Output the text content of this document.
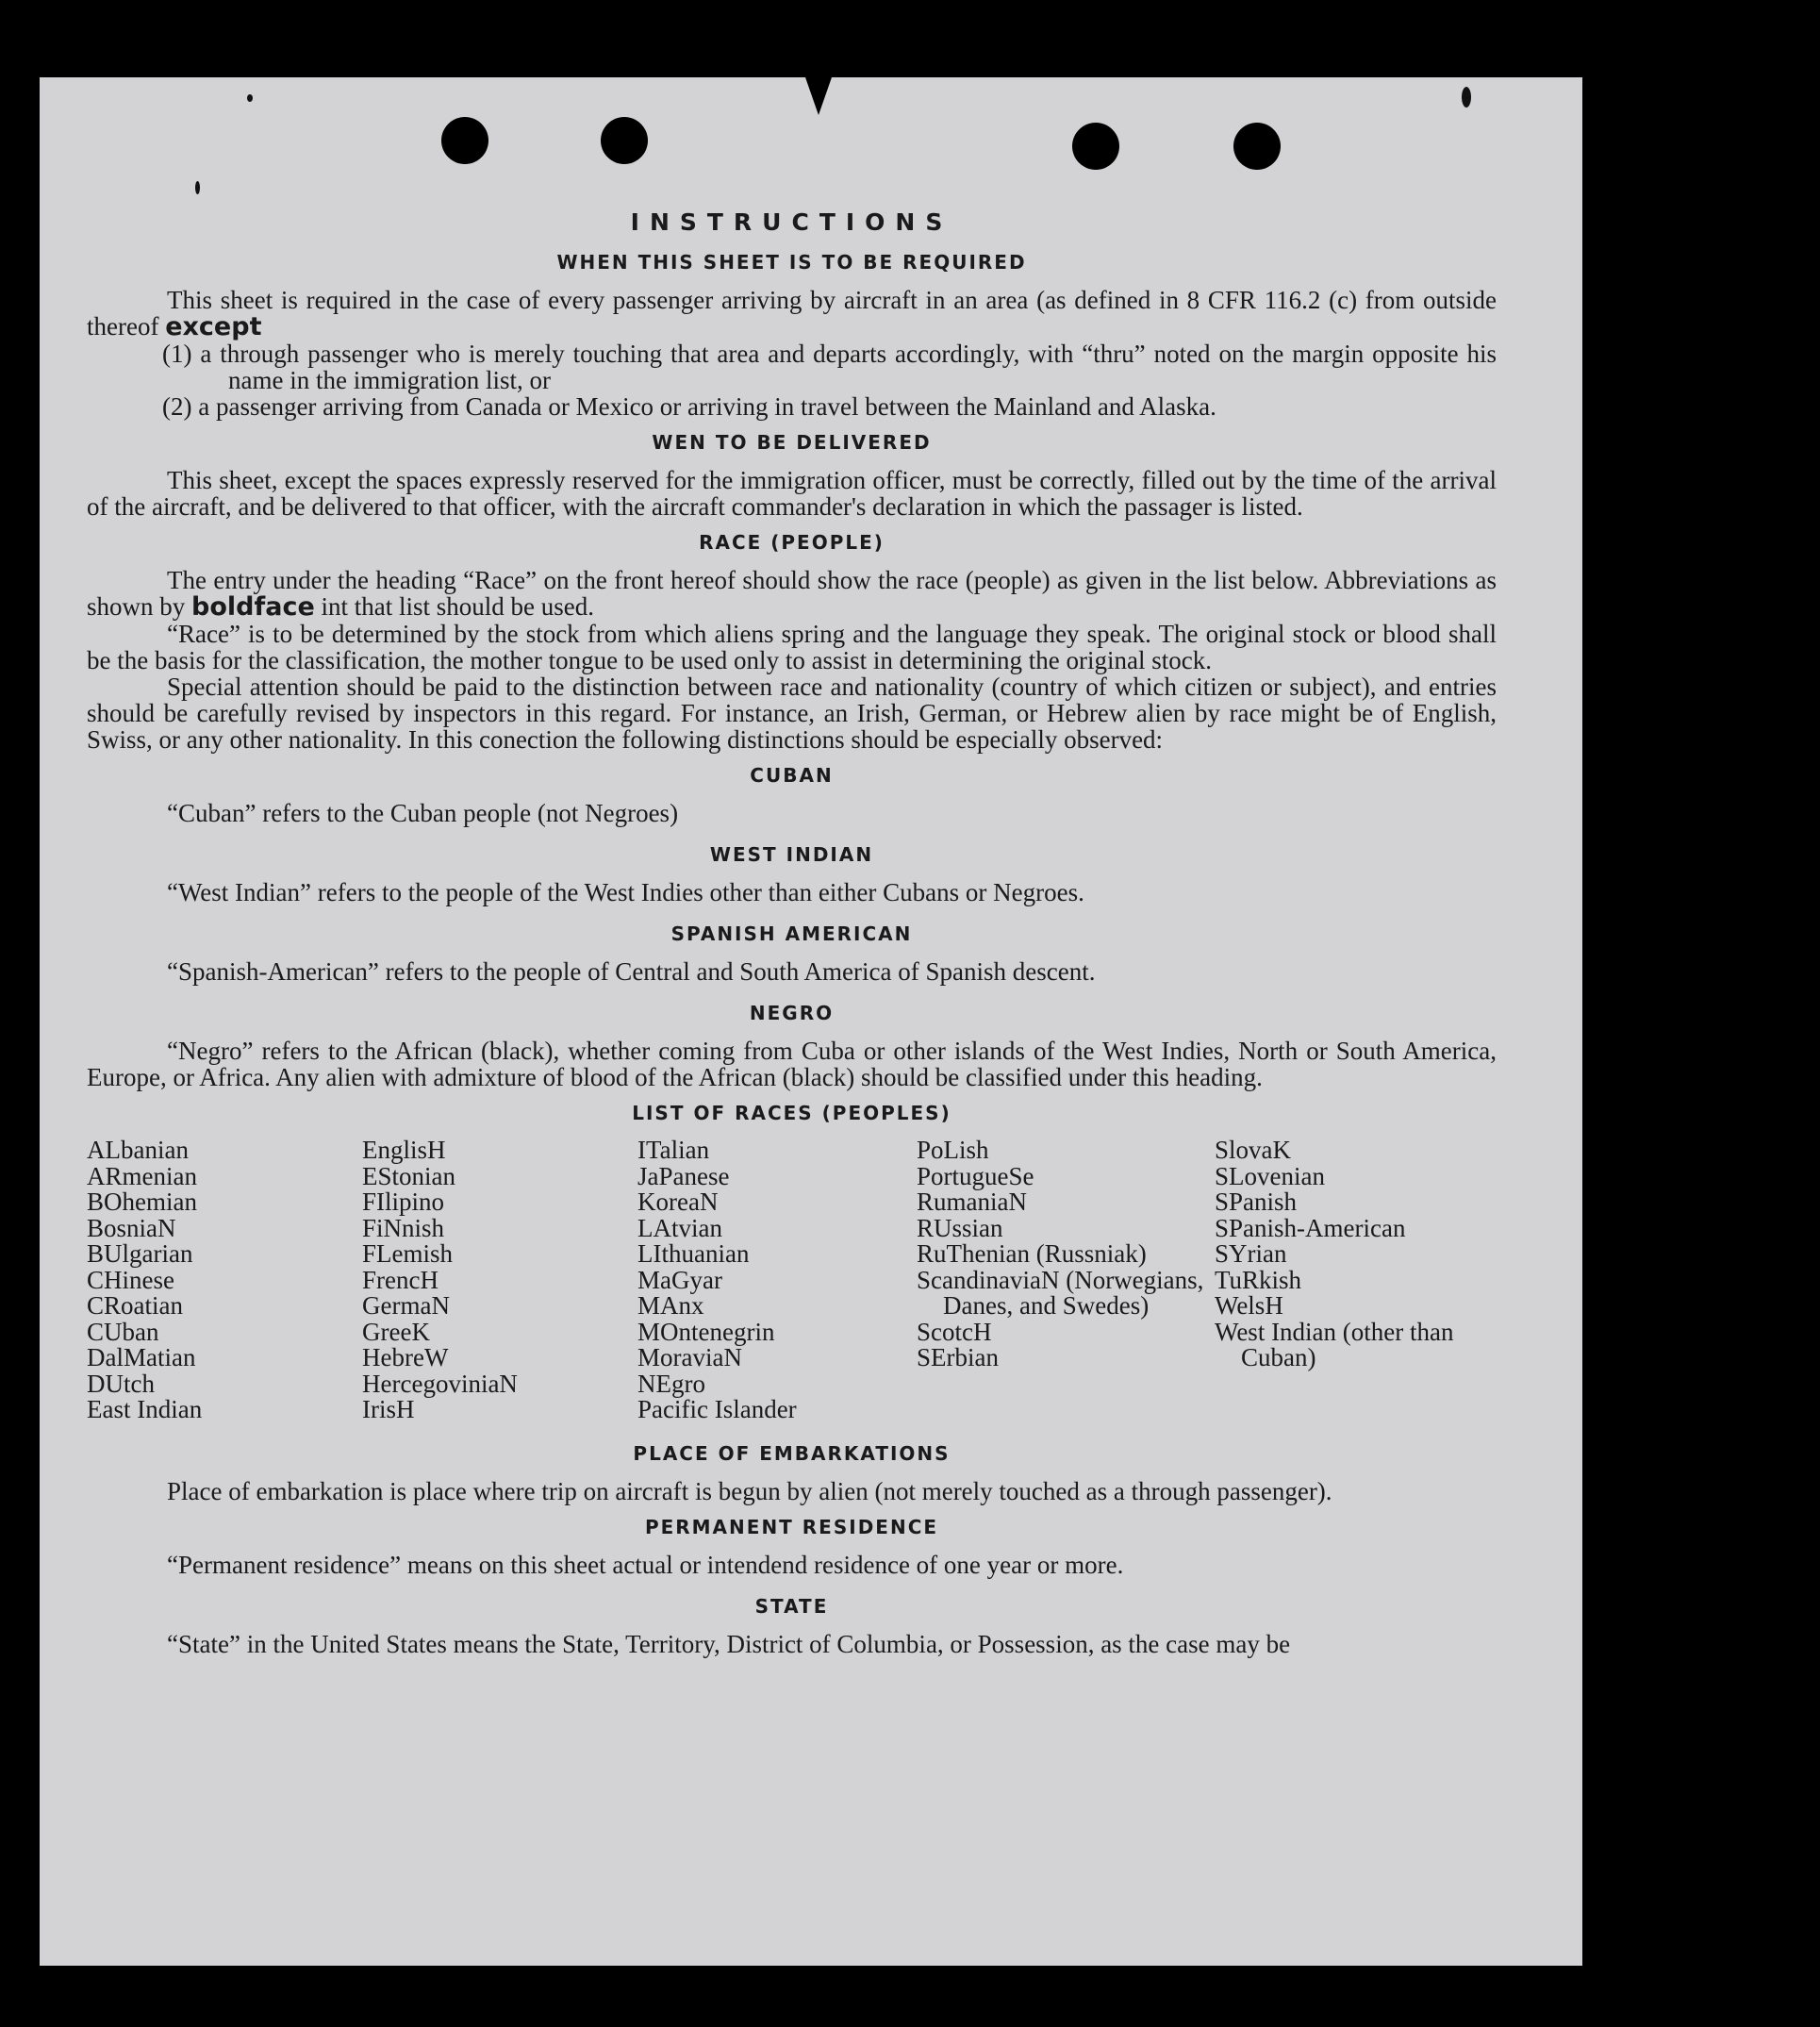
INSTRUCTIONS
WHEN THIS SHEET IS TO BE REQUIRED

This sheet is required in the case of every passenger arriving by aircraft in an area (as defined in 8 CFR 116.2 (c) from outside thereof except

(1) a through passenger who is merely touching that area and departs accordingly, with “thru” noted on the margin opposite his name in the immigration list, or

(2) a passenger arriving from Canada or Mexico or arriving in travel between the Mainland and Alaska.

WEN TO BE DELIVERED

This sheet, except the spaces expressly reserved for the immigration officer, must be correctly, filled out by the time of the arrival of the aircraft, and be delivered to that officer, with the aircraft commander's declaration in which the passager is listed.

RACE (PEOPLE)

The entry under the heading “Race” on the front hereof should show the race (people) as given in the list below. Abbreviations as shown by boldface int that list should be used.

“Race” is to be determined by the stock from which aliens spring and the language they speak. The original stock or blood shall be the basis for the classification, the mother tongue to be used only to assist in determining the original stock.

Special attention should be paid to the distinction between race and nationality (country of which citizen or subject), and entries should be carefully revised by inspectors in this regard. For instance, an Irish, German, or Hebrew alien by race might be of English, Swiss, or any other nationality. In this conection the following distinctions should be especially observed:

CUBAN

“Cuban” refers to the Cuban people (not Negroes)

WEST INDIAN

“West Indian” refers to the people of the West Indies other than either Cubans or Negroes.

SPANISH AMERICAN

“Spanish-American” refers to the people of Central and South America of Spanish descent.

NEGRO

“Negro” refers to the African (black), whether coming from Cuba or other islands of the West Indies, North or South America, Europe, or Africa. Any alien with admixture of blood of the African (black) should be classified under this heading.

LIST OF RACES (PEOPLES)
ALbanian
ARmenian
BOhemian
BosniaN
BUlgarian
CHinese
CRoatian
CUban
DalMatian
DUtch
East Indian
EnglisH
EStonian
FIlipino
FiNnish
FLemish
FrencH
GermaN
GreeK
HebreW
HercegoviniaN
IrisH
ITalian
JaPanese
KoreaN
LAtvian
LIthuanian
MaGyar
MAnx
MOntenegrin
MoraviaN
NEgro
Pacific Islander
PoLish
PortugueSe
RumaniaN
RUssian
RuThenian (Russniak)
ScandinaviaN (Norwegians, Danes, and Swedes)
ScotcH
SErbian
SlovaK
SLovenian
SPanish
SPanish-American
SYrian
TuRkish
WelsH
West Indian (other than Cuban)
PLACE OF EMBARKATIONS

Place of embarkation is place where trip on aircraft is begun by alien (not merely touched as a through passenger).

PERMANENT RESIDENCE

“Permanent residence” means on this sheet actual or intendend residence of one year or more.

STATE

“State” in the United States means the State, Territory, District of Columbia, or Possession, as the case may be
